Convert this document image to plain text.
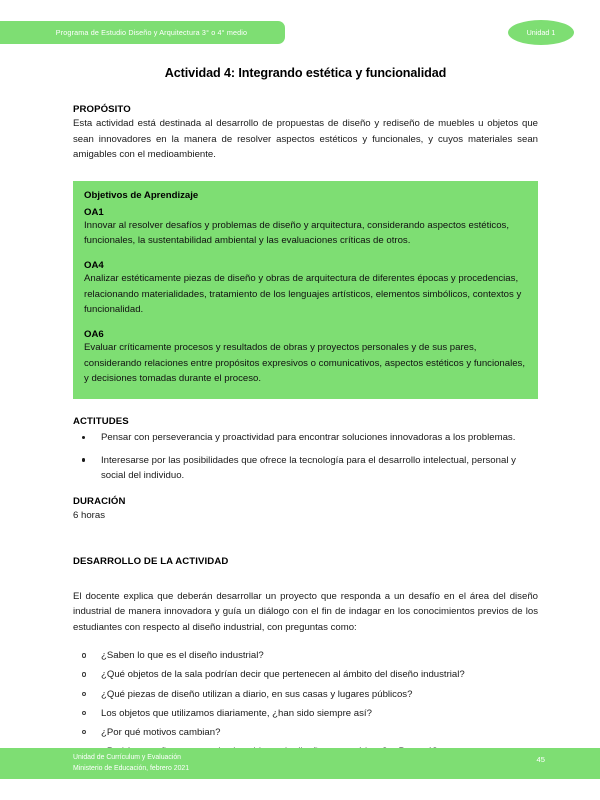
Programa de Estudio Diseño y Arquitectura 3° o 4° medio	Unidad 1
Actividad 4: Integrando estética y funcionalidad

PROPÓSITO

Esta actividad está destinada al desarrollo de propuestas de diseño y rediseño de muebles u objetos que sean innovadores en la manera de resolver aspectos estéticos y funcionales, y cuyos materiales sean amigables con el medioambiente.

Objetivos de Aprendizaje

OA1

Innovar al resolver desafíos y problemas de diseño y arquitectura, considerando aspectos estéticos, funcionales, la sustentabilidad ambiental y las evaluaciones críticas de otros.

OA4

Analizar estéticamente piezas de diseño y obras de arquitectura de diferentes épocas y procedencias, relacionando materialidades, tratamiento de los lenguajes artísticos, elementos simbólicos, contextos y funcionalidad.

OA6

Evaluar críticamente procesos y resultados de obras y proyectos personales y de sus pares, considerando relaciones entre propósitos expresivos o comunicativos, aspectos estéticos y funcionales, y decisiones tomadas durante el proceso.

ACTITUDES

Pensar con perseverancia y proactividad para encontrar soluciones innovadoras a los problemas.
Interesarse por las posibilidades que ofrece la tecnología para el desarrollo intelectual, personal y social del individuo.

DURACIÓN

6 horas

DESARROLLO DE LA ACTIVIDAD

El docente explica que deberán desarrollar un proyecto que responda a un desafío en el área del diseño industrial de manera innovadora y guía un diálogo con el fin de indagar en los conocimientos previos de los estudiantes con respecto al diseño industrial, con preguntas como:

¿Saben lo que es el diseño industrial?
¿Qué objetos de la sala podrían decir que pertenecen al ámbito del diseño industrial?
¿Qué piezas de diseño utilizan a diario, en sus casas y lugares públicos?
Los objetos que utilizamos diariamente, ¿han sido siempre así?
¿Por qué motivos cambian?
Unidad de Currículum y Evaluación
Ministerio de Educación, febrero 2021
45
